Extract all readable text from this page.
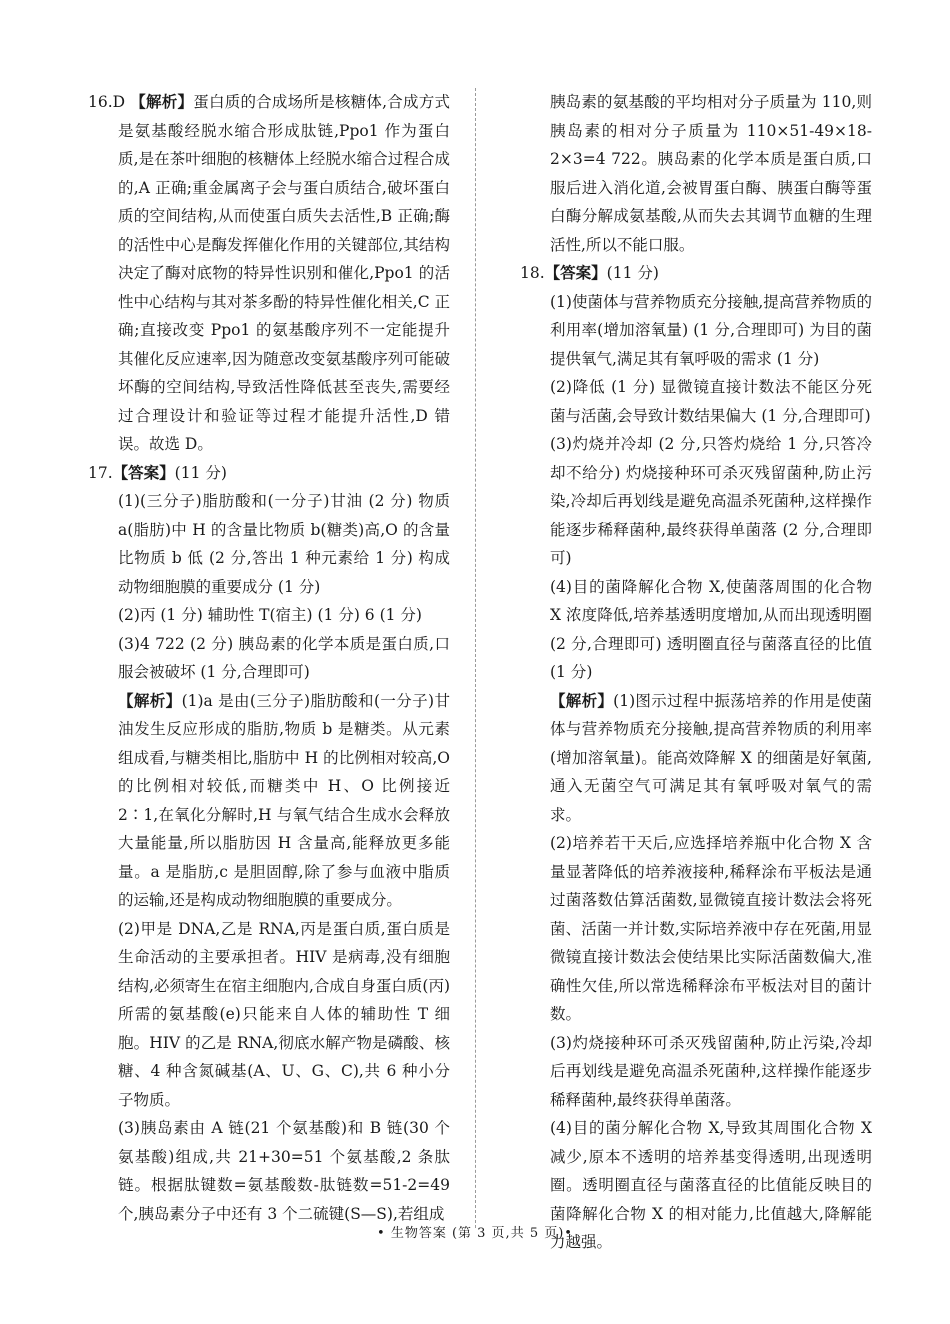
16.D 【解析】蛋白质的合成场所是核糖体,合成方式是氨基酸经脱水缩合形成肽链,Ppo1 作为蛋白质,是在茶叶细胞的核糖体上经脱水缩合过程合成的,A 正确;重金属离子会与蛋白质结合,破坏蛋白质的空间结构,从而使蛋白质失去活性,B 正确;酶的活性中心是酶发挥催化作用的关键部位,其结构决定了酶对底物的特异性识别和催化,Ppo1 的活性中心结构与其对茶多酚的特异性催化相关,C 正确;直接改变 Ppo1 的氨基酸序列不一定能提升其催化反应速率,因为随意改变氨基酸序列可能破坏酶的空间结构,导致活性降低甚至丧失,需要经过合理设计和验证等过程才能提升活性,D 错误。故选 D。

17.【答案】(11 分)

(1)(三分子)脂肪酸和(一分子)甘油 (2 分) 物质 a(脂肪)中 H 的含量比物质 b(糖类)高,O 的含量比物质 b 低 (2 分,答出 1 种元素给 1 分) 构成动物细胞膜的重要成分 (1 分)

(2)丙 (1 分) 辅助性 T(宿主) (1 分) 6 (1 分)

(3)4 722 (2 分) 胰岛素的化学本质是蛋白质,口服会被破坏 (1 分,合理即可)

【解析】(1)a 是由(三分子)脂肪酸和(一分子)甘油发生反应形成的脂肪,物质 b 是糖类。从元素组成看,与糖类相比,脂肪中 H 的比例相对较高,O 的比例相对较低,而糖类中 H、O 比例接近 2∶1,在氧化分解时,H 与氧气结合生成水会释放大量能量,所以脂肪因 H 含量高,能释放更多能量。a 是脂肪,c 是胆固醇,除了参与血液中脂质的运输,还是构成动物细胞膜的重要成分。

(2)甲是 DNA,乙是 RNA,丙是蛋白质,蛋白质是生命活动的主要承担者。HIV 是病毒,没有细胞结构,必须寄生在宿主细胞内,合成自身蛋白质(丙)所需的氨基酸(e)只能来自人体的辅助性 T 细胞。HIV 的乙是 RNA,彻底水解产物是磷酸、核糖、4 种含氮碱基(A、U、G、C),共 6 种小分子物质。

(3)胰岛素由 A 链(21 个氨基酸)和 B 链(30 个氨基酸)组成,共 21+30=51 个氨基酸,2 条肽链。根据肽键数=氨基酸数-肽链数=51-2=49 个,胰岛素分子中还有 3 个二硫键(S—S),若组成

胰岛素的氨基酸的平均相对分子质量为 110,则胰岛素的相对分子质量为 110×51-49×18-2×3=4 722。胰岛素的化学本质是蛋白质,口服后进入消化道,会被胃蛋白酶、胰蛋白酶等蛋白酶分解成氨基酸,从而失去其调节血糖的生理活性,所以不能口服。

18.【答案】(11 分)

(1)使菌体与营养物质充分接触,提高营养物质的利用率(增加溶氧量) (1 分,合理即可) 为目的菌提供氧气,满足其有氧呼吸的需求 (1 分)

(2)降低 (1 分) 显微镜直接计数法不能区分死菌与活菌,会导致计数结果偏大 (1 分,合理即可)

(3)灼烧并冷却 (2 分,只答灼烧给 1 分,只答冷却不给分) 灼烧接种环可杀灭残留菌种,防止污染,冷却后再划线是避免高温杀死菌种,这样操作能逐步稀释菌种,最终获得单菌落 (2 分,合理即可)

(4)目的菌降解化合物 X,使菌落周围的化合物 X 浓度降低,培养基透明度增加,从而出现透明圈 (2 分,合理即可) 透明圈直径与菌落直径的比值 (1 分)

【解析】(1)图示过程中振荡培养的作用是使菌体与营养物质充分接触,提高营养物质的利用率(增加溶氧量)。能高效降解 X 的细菌是好氧菌,通入无菌空气可满足其有氧呼吸对氧气的需求。

(2)培养若干天后,应选择培养瓶中化合物 X 含量显著降低的培养液接种,稀释涂布平板法是通过菌落数估算活菌数,显微镜直接计数法会将死菌、活菌一并计数,实际培养液中存在死菌,用显微镜直接计数法会使结果比实际活菌数偏大,准确性欠佳,所以常选稀释涂布平板法对目的菌计数。

(3)灼烧接种环可杀灭残留菌种,防止污染,冷却后再划线是避免高温杀死菌种,这样操作能逐步稀释菌种,最终获得单菌落。

(4)目的菌分解化合物 X,导致其周围化合物 X 减少,原本不透明的培养基变得透明,出现透明圈。透明圈直径与菌落直径的比值能反映目的菌降解化合物 X 的相对能力,比值越大,降解能力越强。

• 生物答案 (第 3 页,共 5 页)•
